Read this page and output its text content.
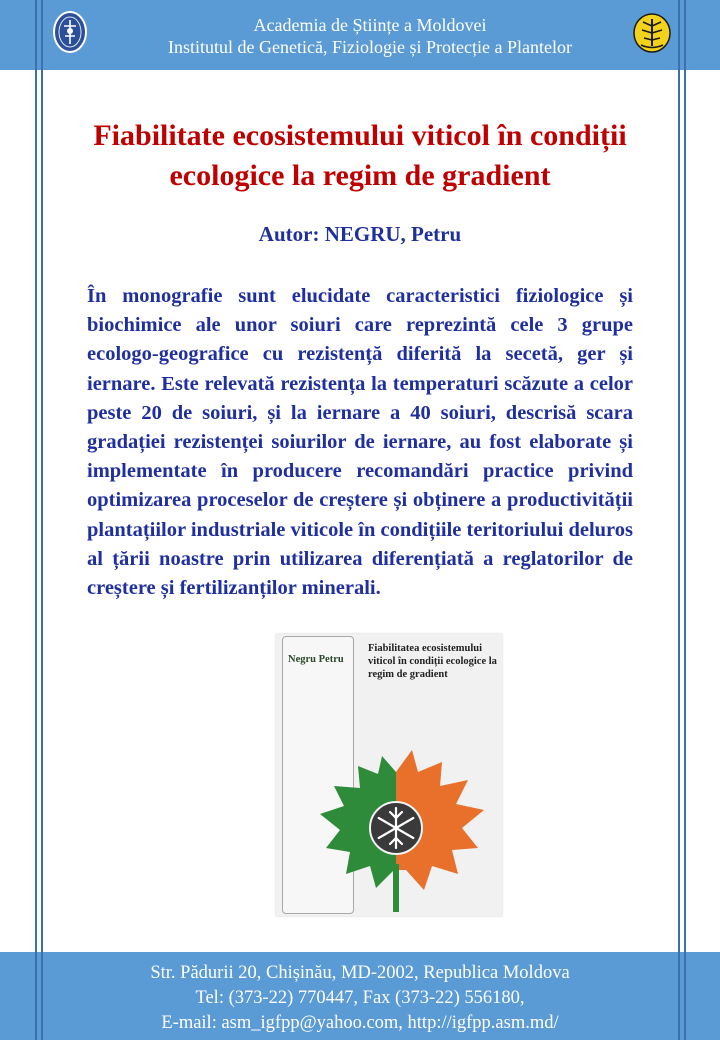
Academia de Științe a Moldovei
Institutul de Genetică, Fiziologie și Protecție a Plantelor
Fiabilitate ecosistemului viticol în condiții ecologice la regim de gradient
Autor: NEGRU, Petru

În monografie sunt elucidate caracteristici fiziologice și biochimice ale unor soiuri care reprezintă cele 3 grupe ecologo-geografice cu rezistență diferită la secetă, ger și iernare. Este relevată rezistența la temperaturi scăzute a celor peste 20 de soiuri, și la iernare a 40 soiuri, descrisă scara gradației rezistenței soiurilor de iernare, au fost elaborate și implementate în producere recomandări practice privind optimizarea proceselor de creștere și obținere a productivității plantațiilor industriale viticole în condițiile teritoriului deluros al țării noastre prin utilizarea diferențiată a reglatorilor de creștere și fertilizanților minerali.

Negru Petru
Fiabilitatea ecosistemului viticol în condiții ecologice la regim de gradient
Str. Pădurii 20, Chișinău, MD-2002, Republica Moldova
Tel: (373-22) 770447, Fax (373-22) 556180,
E-mail: asm_igfpp@yahoo.com, http://igfpp.asm.md/
